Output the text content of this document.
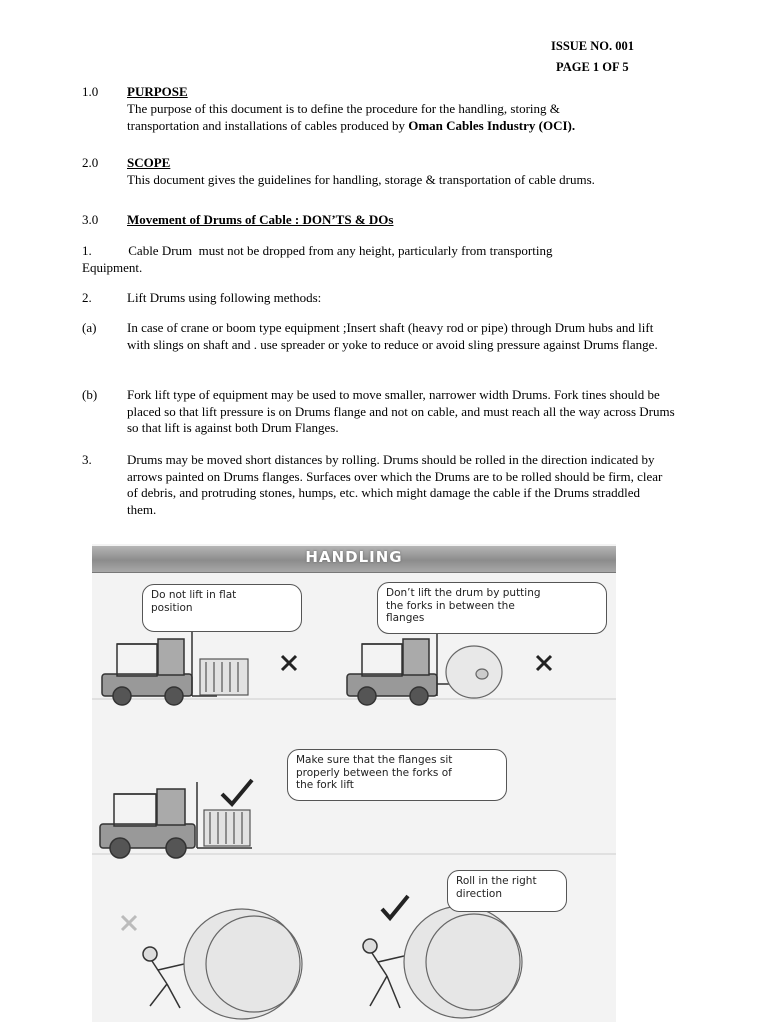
ISSUE NO. 001
PAGE 1 OF 5
1.0 PURPOSE
The purpose of this document is to define the procedure for the handling, storing &
transportation and installations of cables produced by Oman Cables Industry (OCI).
2.0 SCOPE
This document gives the guidelines for handling, storage & transportation of cable drums.
3.0 Movement of Drums of Cable : DON’TS & DOs
1. Cable Drum  must not be dropped from any height, particularly from transporting
Equipment.
2.	Lift Drums using following methods:
(a) In case of crane or boom type equipment ;Insert shaft (heavy rod or pipe) through Drum hubs and lift with slings on shaft and . use spreader or yoke to reduce or avoid sling pressure against Drums flange.
(b) Fork lift type of equipment may be used to move smaller, narrower width Drums. Fork tines should be placed so that lift pressure is on Drums flange and not on cable, and must reach all the way across Drums so that lift is against both Drum Flanges.
3.	Drums may be moved short distances by rolling. Drums should be rolled in the direction indicated by arrows painted on Drums flanges. Surfaces over which the Drums are to be rolled should be firm, clear of debris, and protruding stones, humps, etc. which might damage the cable if the Drums straddled them.
HANDLING
Do not lift in flat
position
Don’t lift the drum by putting
the forks in between the
flanges
Make sure that the flanges sit
properly between the forks of
the fork lift
Roll in the right
direction
